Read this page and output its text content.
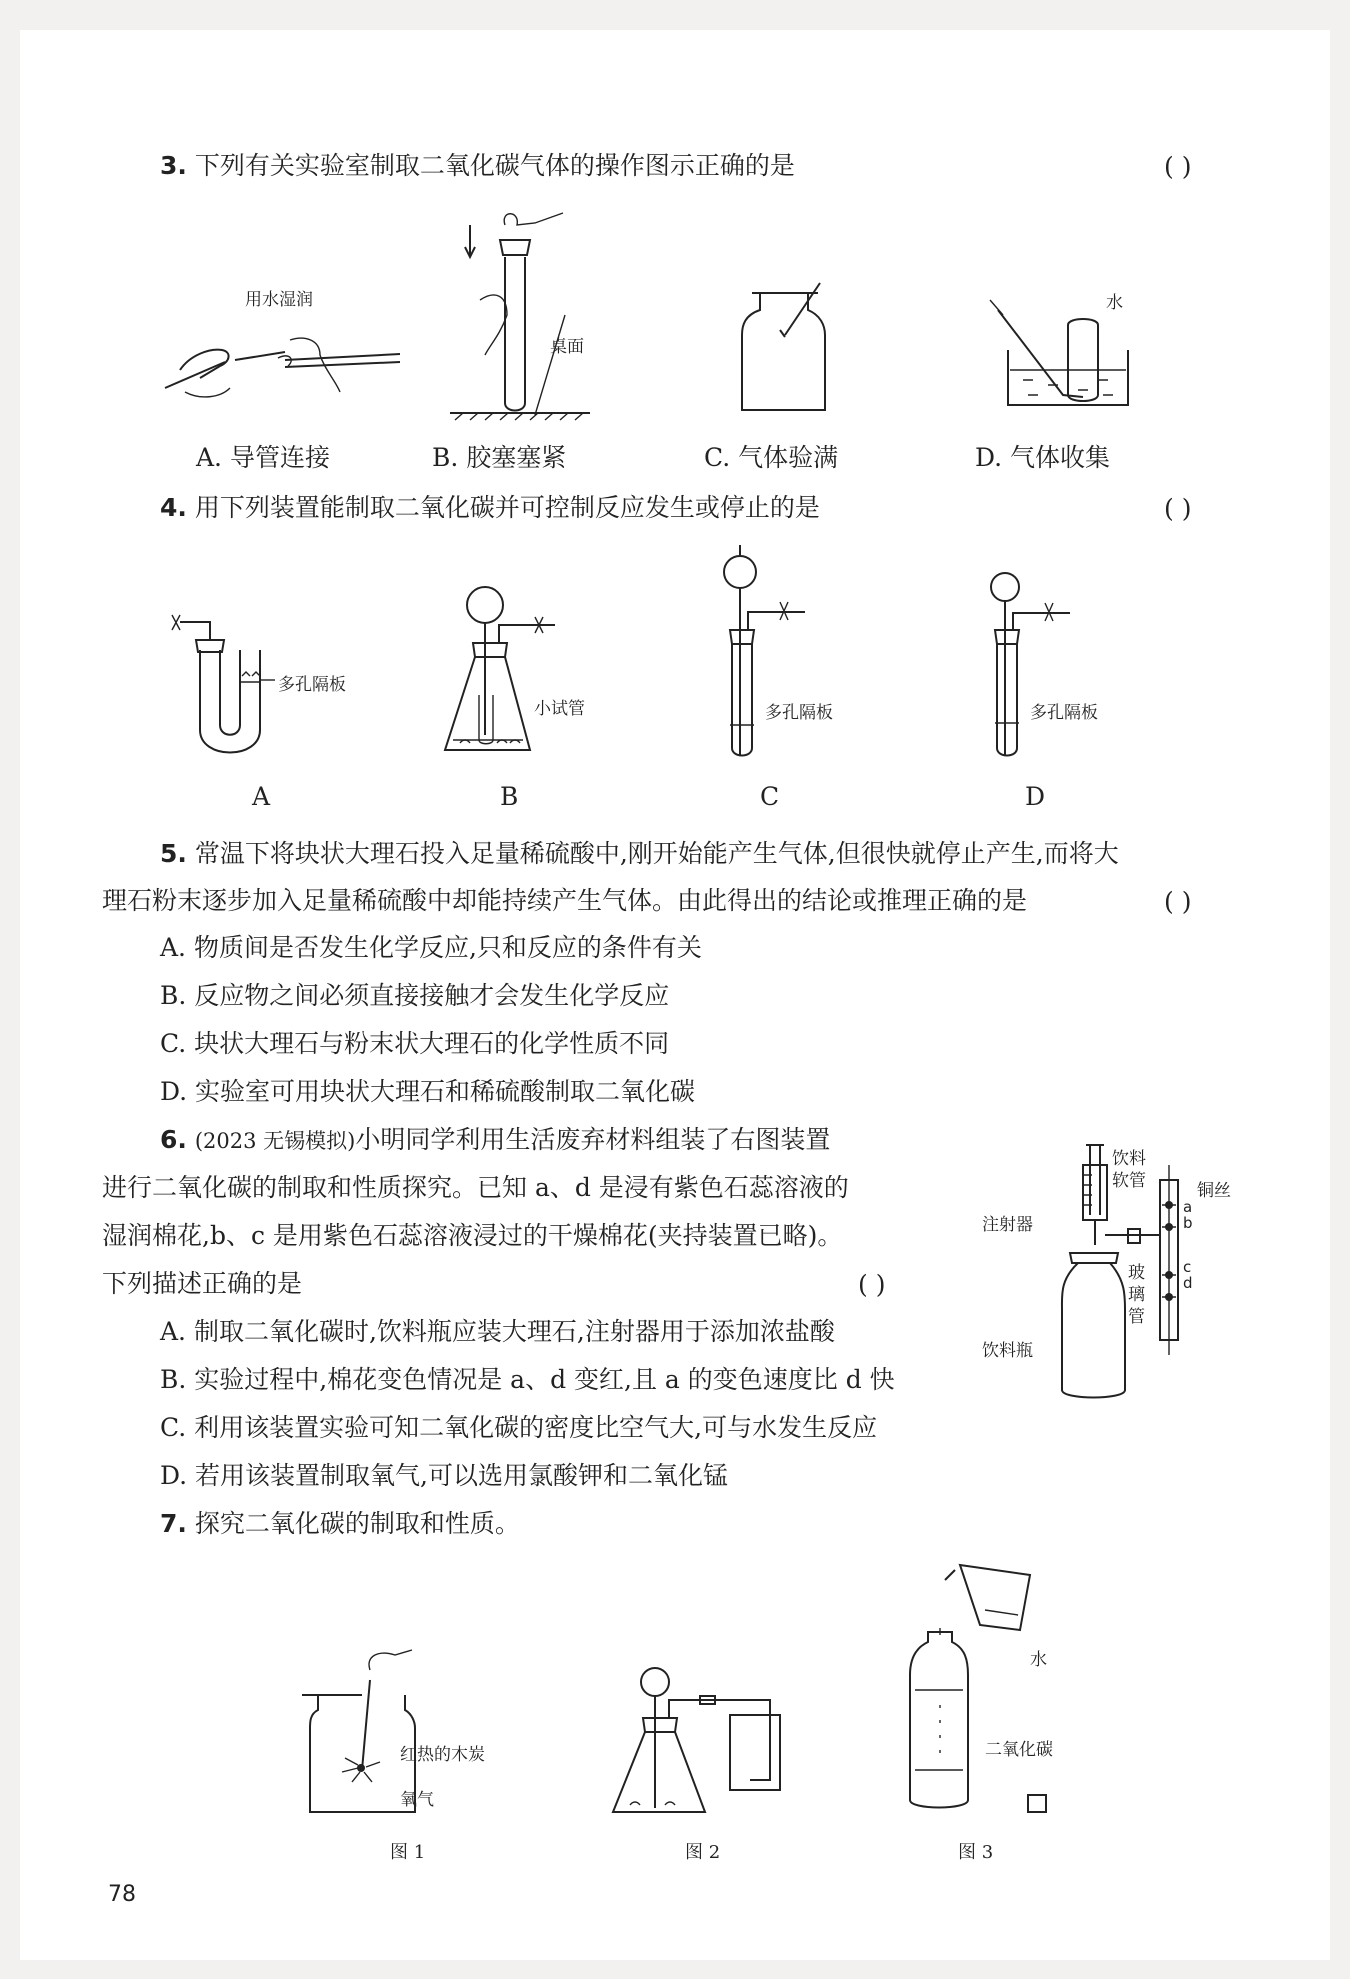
3. 下列有关实验室制取二氧化碳气体的操作图示正确的是	( )
用水湿润
桌面
水
A. 导管连接	B. 胶塞塞紧	C. 气体验满	D. 气体收集
4. 用下列装置能制取二氧化碳并可控制反应发生或停止的是	( )
多孔隔板
小试管	多孔隔板	多孔隔板
A	B	C	D
5. 常温下将块状大理石投入足量稀硫酸中,刚开始能产生气体,但很快就停止产生,而将大
理石粉末逐步加入足量稀硫酸中却能持续产生气体。由此得出的结论或推理正确的是	( )
A. 物质间是否发生化学反应,只和反应的条件有关
B. 反应物之间必须直接接触才会发生化学反应
C. 块状大理石与粉末状大理石的化学性质不同
D. 实验室可用块状大理石和稀硫酸制取二氧化碳
6. (2023 无锡模拟)小明同学利用生活废弃材料组装了右图装置
进行二氧化碳的制取和性质探究。已知 a、d 是浸有紫色石蕊溶液的
湿润棉花,b、c 是用紫色石蕊溶液浸过的干燥棉花(夹持装置已略)。
下列描述正确的是	( )
A. 制取二氧化碳时,饮料瓶应装大理石,注射器用于添加浓盐酸
B. 实验过程中,棉花变色情况是 a、d 变红,且 a 的变色速度比 d 快
C. 利用该装置实验可知二氧化碳的密度比空气大,可与水发生反应
D. 若用该装置制取氧气,可以选用氯酸钾和二氧化锰
注射器
饮料
软管	铜丝
a
b
c
d
玻
璃
管
饮料瓶
7. 探究二氧化碳的制取和性质。
红热的木炭
氧气
水
二氧化碳
图 1	图 2	图 3
78
